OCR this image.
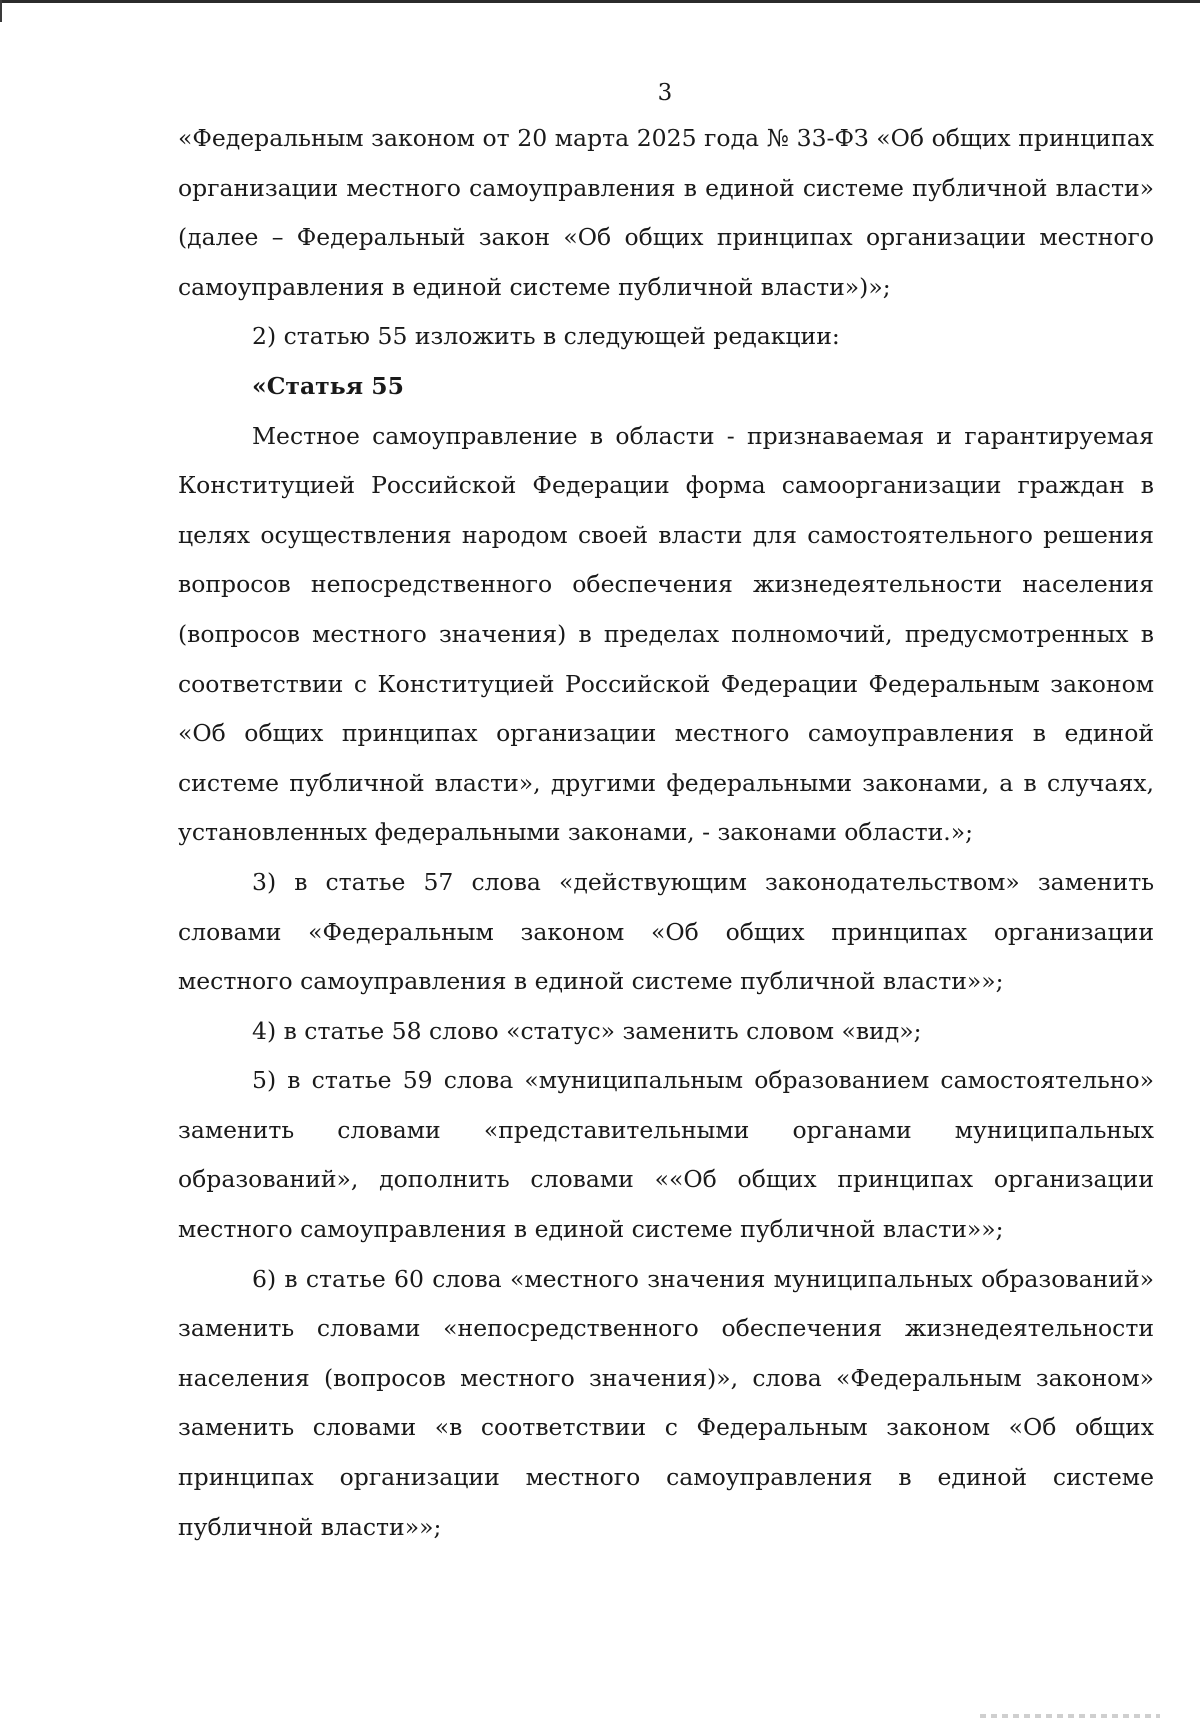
3

«Федеральным законом от 20 марта 2025 года № 33-ФЗ «Об общих принципах организации местного самоуправления в единой системе публичной власти» (далее – Федеральный закон «Об общих принципах организации местного самоуправления в единой системе публичной власти»)»;

2) статью 55 изложить в следующей редакции:

«Статья 55

Местное самоуправление в области - признаваемая и гарантируемая Конституцией Российской Федерации форма самоорганизации граждан в целях осуществления народом своей власти для самостоятельного решения вопросов непосредственного обеспечения жизнедеятельности населения (вопросов местного значения) в пределах полномочий, предусмотренных в соответствии с Конституцией Российской Федерации Федеральным законом «Об общих принципах организации местного самоуправления в единой системе публичной власти», другими федеральными законами, а в случаях, установленных федеральными законами, - законами области.»;

3) в статье 57 слова «действующим законодательством» заменить словами «Федеральным законом «Об общих принципах организации местного самоуправления в единой системе публичной власти»»;

4) в статье 58 слово «статус» заменить словом «вид»;

5) в статье 59 слова «муниципальным образованием самостоятельно» заменить словами «представительными органами муниципальных образований», дополнить словами ««Об общих принципах организации местного самоуправления в единой системе публичной власти»»;

6) в статье 60 слова «местного значения муниципальных образований» заменить словами «непосредственного обеспечения жизнедеятельности населения (вопросов местного значения)», слова «Федеральным законом» заменить словами «в соответствии с Федеральным законом «Об общих принципах организации местного самоуправления в единой системе публичной власти»»;
